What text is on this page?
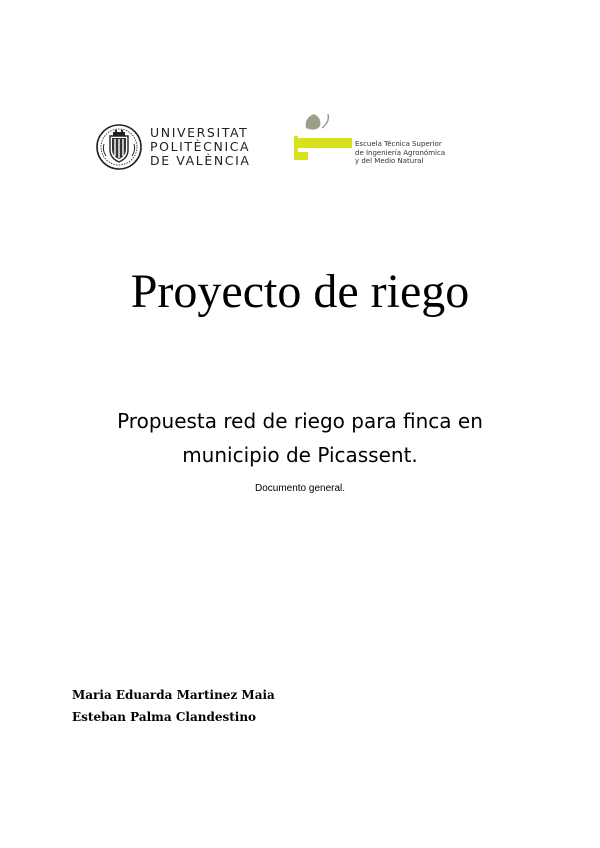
UNIVERSITAT
POLITÈCNICA
DE VALÈNCIA
Escuela Técnica Superior
de Ingeniería Agronómica
y del Medio Natural
Proyecto de riego
Propuesta red de riego para finca en
municipio de Picassent.
Documento general.
Maria Eduarda Martinez Maia
Esteban Palma Clandestino
